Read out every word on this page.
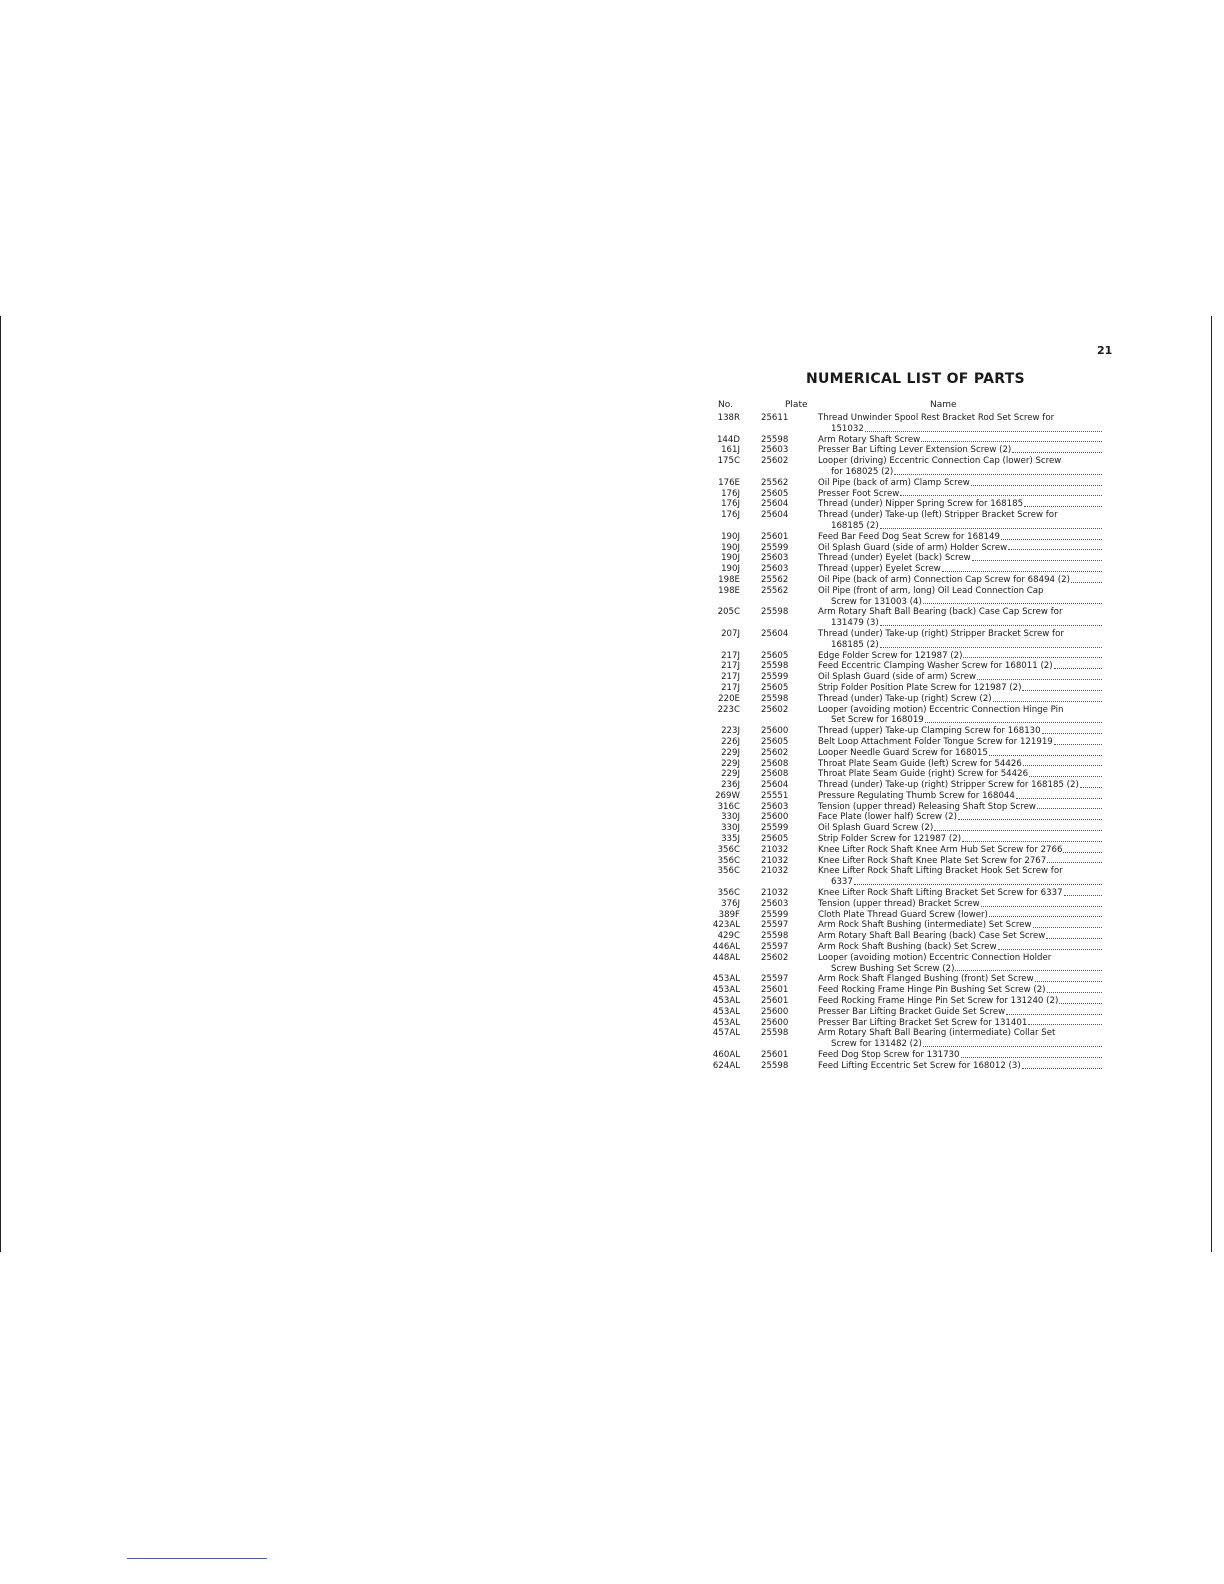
21
NUMERICAL LIST OF PARTS
No.	Plate	Name
138R	25611	Thread Unwinder Spool Rest Bracket Rod Set Screw for
151032
144D	25598	Arm Rotary Shaft Screw
161J	25603	Presser Bar Lifting Lever Extension Screw (2)
175C	25602	Looper (driving) Eccentric Connection Cap (lower) Screw
for 168025 (2)
176E	25562	Oil Pipe (back of arm) Clamp Screw
176J	25605	Presser Foot Screw
176J	25604	Thread (under) Nipper Spring Screw for 168185
176J	25604	Thread (under) Take-up (left) Stripper Bracket Screw for
168185 (2)
190J	25601	Feed Bar Feed Dog Seat Screw for 168149
190J	25599	Oil Splash Guard (side of arm) Holder Screw
190J	25603	Thread (under) Eyelet (back) Screw
190J	25603	Thread (upper) Eyelet Screw
198E	25562	Oil Pipe (back of arm) Connection Cap Screw for 68494 (2)
198E	25562	Oil Pipe (front of arm, long) Oil Lead Connection Cap
Screw for 131003 (4)
205C	25598	Arm Rotary Shaft Ball Bearing (back) Case Cap Screw for
131479 (3)
207J	25604	Thread (under) Take-up (right) Stripper Bracket Screw for
168185 (2)
217J	25605	Edge Folder Screw for 121987 (2)
217J	25598	Feed Eccentric Clamping Washer Screw for 168011 (2)
217J	25599	Oil Splash Guard (side of arm) Screw
217J	25605	Strip Folder Position Plate Screw for 121987 (2)
220E	25598	Thread (under) Take-up (right) Screw (2)
223C	25602	Looper (avoiding motion) Eccentric Connection Hinge Pin
Set Screw for 168019
223J	25600	Thread (upper) Take-up Clamping Screw for 168130
226J	25605	Belt Loop Attachment Folder Tongue Screw for 121919
229J	25602	Looper Needle Guard Screw for 168015
229J	25608	Throat Plate Seam Guide (left) Screw for 54426
229J	25608	Throat Plate Seam Guide (right) Screw for 54426
236J	25604	Thread (under) Take-up (right) Stripper Screw for 168185 (2)
269W	25551	Pressure Regulating Thumb Screw for 168044
316C	25603	Tension (upper thread) Releasing Shaft Stop Screw
330J	25600	Face Plate (lower half) Screw (2)
330J	25599	Oil Splash Guard Screw (2)
335J	25605	Strip Folder Screw for 121987 (2)
356C	21032	Knee Lifter Rock Shaft Knee Arm Hub Set Screw for 2766
356C	21032	Knee Lifter Rock Shaft Knee Plate Set Screw for 2767
356C	21032	Knee Lifter Rock Shaft Lifting Bracket Hook Set Screw for
6337
356C	21032	Knee Lifter Rock Shaft Lifting Bracket Set Screw for 6337
376J	25603	Tension (upper thread) Bracket Screw
389F	25599	Cloth Plate Thread Guard Screw (lower)
423AL	25597	Arm Rock Shaft Bushing (intermediate) Set Screw
429C	25598	Arm Rotary Shaft Ball Bearing (back) Case Set Screw
446AL	25597	Arm Rock Shaft Bushing (back) Set Screw
448AL	25602	Looper (avoiding motion) Eccentric Connection Holder
Screw Bushing Set Screw (2)
453AL	25597	Arm Rock Shaft Flanged Bushing (front) Set Screw
453AL	25601	Feed Rocking Frame Hinge Pin Bushing Set Screw (2)
453AL	25601	Feed Rocking Frame Hinge Pin Set Screw for 131240 (2)
453AL	25600	Presser Bar Lifting Bracket Guide Set Screw
453AL	25600	Presser Bar Lifting Bracket Set Screw for 131401
457AL	25598	Arm Rotary Shaft Ball Bearing (intermediate) Collar Set
Screw for 131482 (2)
460AL	25601	Feed Dog Stop Screw for 131730
624AL	25598	Feed Lifting Eccentric Set Screw for 168012 (3)
